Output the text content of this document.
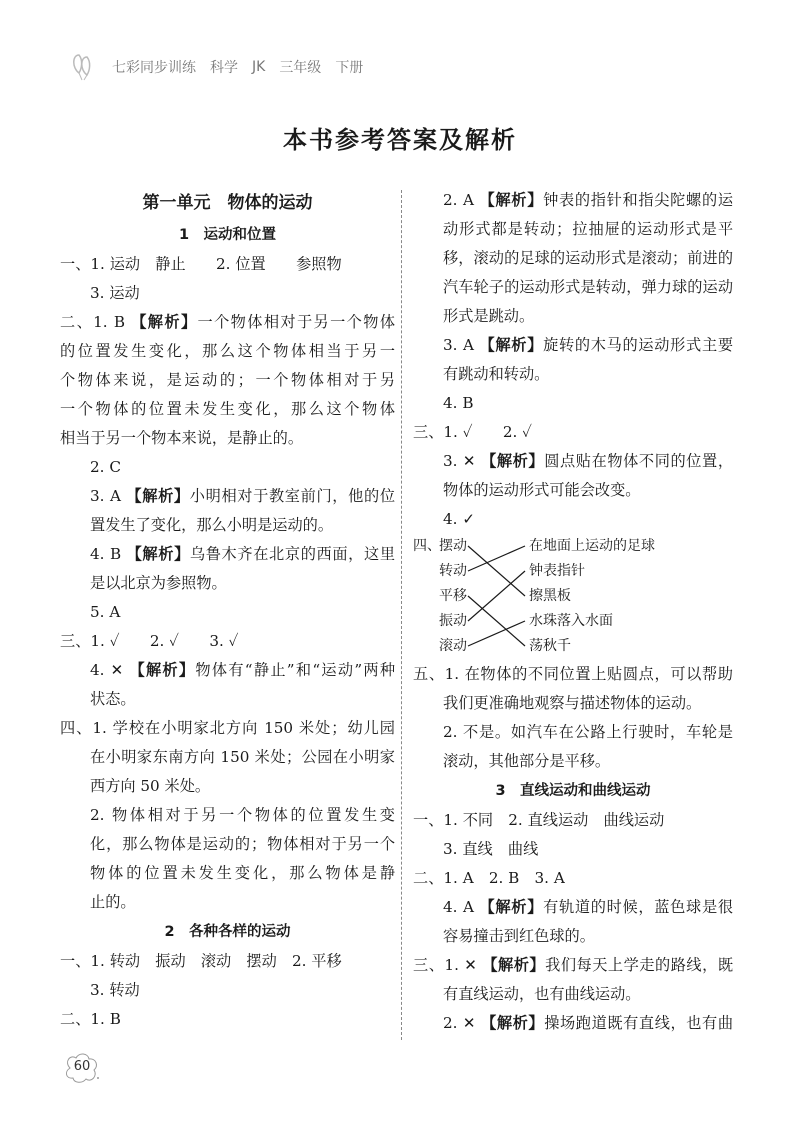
七彩同步训练 科学 JK 三年级 下册
本书参考答案及解析
第一单元　物体的运动
1　运动和位置
一、1. 运动　静止　　2. 位置　　参照物
3. 运动
二、1. B 【解析】一个物体相对于另一个物体
的位置发生变化，那么这个物体相当于另一
个物体来说，是运动的；一个物体相对于另
一个物体的位置未发生变化，那么这个物体
相当于另一个物本来说，是静止的。
2. C
3. A 【解析】小明相对于教室前门，他的位
置发生了变化，那么小明是运动的。
4. B 【解析】乌鲁木齐在北京的西面，这里
是以北京为参照物。
5. A
三、1. ✓　　2. ✓　　3. ✓
4. ✕ 【解析】物体有“静止”和“运动”两种
状态。
四、1. 学校在小明家北方向 150 米处；幼儿园
在小明家东南方向 150 米处；公园在小明家
西方向 50 米处。
2. 物体相对于另一个物体的位置发生变
化，那么物体是运动的；物体相对于另一个
物体的位置未发生变化，那么物体是静
止的。
2　各种各样的运动
一、1. 转动　振动　滚动　摆动　2. 平移
3. 转动
二、1. B
2. A 【解析】钟表的指针和指尖陀螺的运
动形式都是转动；拉抽屉的运动形式是平
移，滚动的足球的运动形式是滚动；前进的
汽车轮子的运动形式是转动，弹力球的运动
形式是跳动。
3. A 【解析】旋转的木马的运动形式主要
有跳动和转动。
4. B
三、1. ✓　　2. ✓
3. ✕ 【解析】圆点贴在物体不同的位置，
物体的运动形式可能会改变。
4. ✓
四、
摆动
转动
平移
振动
滚动
在地面上运动的足球
钟表指针
擦黑板
水珠落入水面
荡秋千
五、1. 在物体的不同位置上贴圆点，可以帮助
我们更准确地观察与描述物体的运动。
2. 不是。如汽车在公路上行驶时，车轮是
滚动，其他部分是平移。
3　直线运动和曲线运动
一、1. 不同　2. 直线运动　曲线运动
3. 直线　曲线
二、1. A　2. B　3. A
4. A 【解析】有轨道的时候，蓝色球是很
容易撞击到红色球的。
三、1. ✕ 【解析】我们每天上学走的路线，既
有直线运动，也有曲线运动。
2. ✕ 【解析】操场跑道既有直线，也有曲
60
